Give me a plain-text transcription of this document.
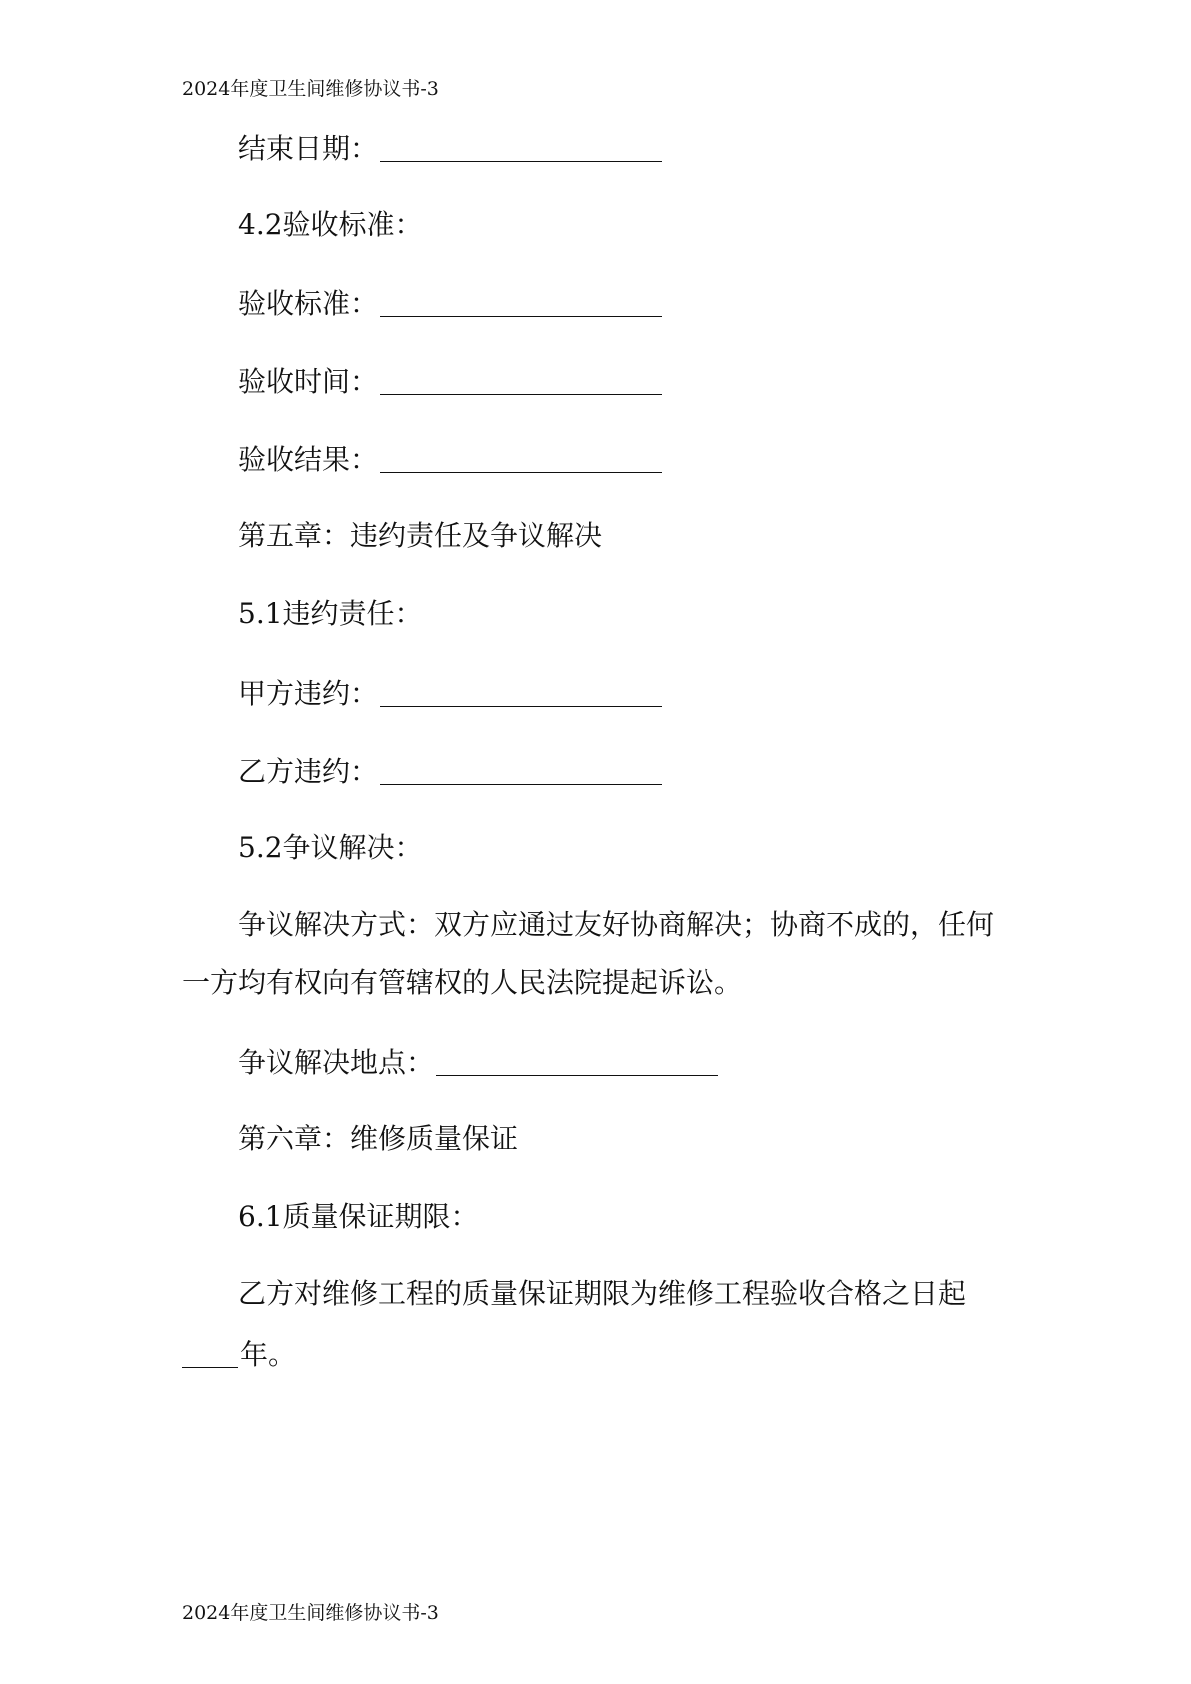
2024年度卫生间维修协议书-3
结束日期：
4.2验收标准：
验收标准：
验收时间：
验收结果：
第五章：违约责任及争议解决
5.1违约责任：
甲方违约：
乙方违约：
5.2争议解决：
争议解决方式：双方应通过友好协商解决；协商不成的，任何
一方均有权向有管辖权的人民法院提起诉讼。
争议解决地点：
第六章：维修质量保证
6.1质量保证期限：
乙方对维修工程的质量保证期限为维修工程验收合格之日起
年。
2024年度卫生间维修协议书-3
